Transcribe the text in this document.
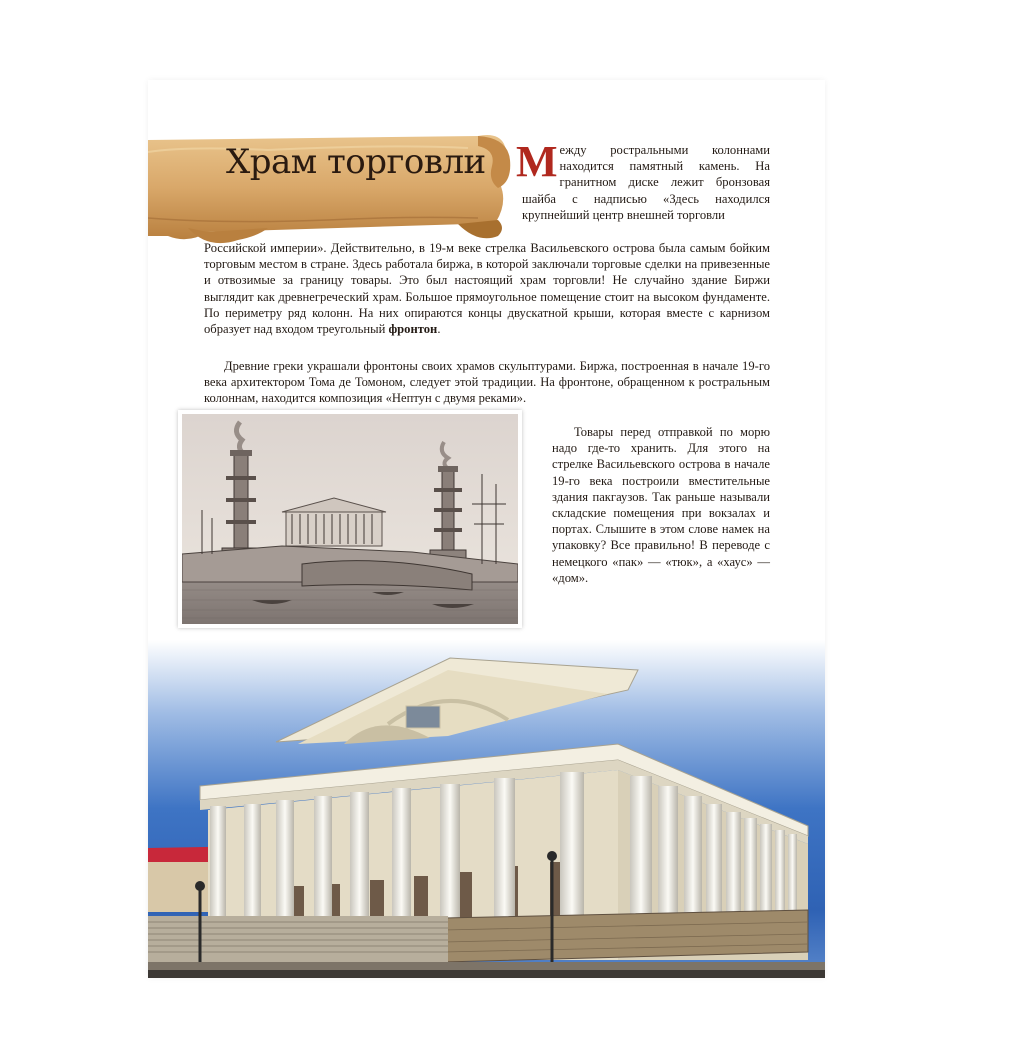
Храм торговли Между ростральными колоннами находится памятный камень. На гранитном диске лежит бронзовая шайба с надписью «Здесь находился крупнейший центр внешней торговли
Российской империи». Действительно, в 19-м веке стрелка Васильевского острова была самым бойким торговым местом в стране. Здесь работала биржа, в которой заключали торговые сделки на привезенные и отвозимые за границу товары. Это был настоящий храм торговли! Не случайно здание Биржи выглядит как древнегреческий храм. Большое прямоугольное помещение стоит на высоком фундаменте. По периметру ряд колонн. На них опираются концы двускатной крыши, которая вместе с карнизом образует над входом треугольный фронтон.
Древние греки украшали фронтоны своих храмов скульптурами. Биржа, построенная в начале 19-го века архитектором Тома де Томоном, следует этой традиции. На фронтоне, обращенном к ростральным колоннам, находится композиция «Нептун с двумя реками».
Товары перед отправкой по морю надо где-то хранить. Для этого на стрелке Васильевского острова в начале 19-го века построили вместительные здания пакгаузов. Так раньше называли складские помещения при вокзалах и портах. Слышите в этом слове намек на упаковку? Все правильно! В переводе с немецкого «пак» — «тюк», а «хаус» — «дом».
